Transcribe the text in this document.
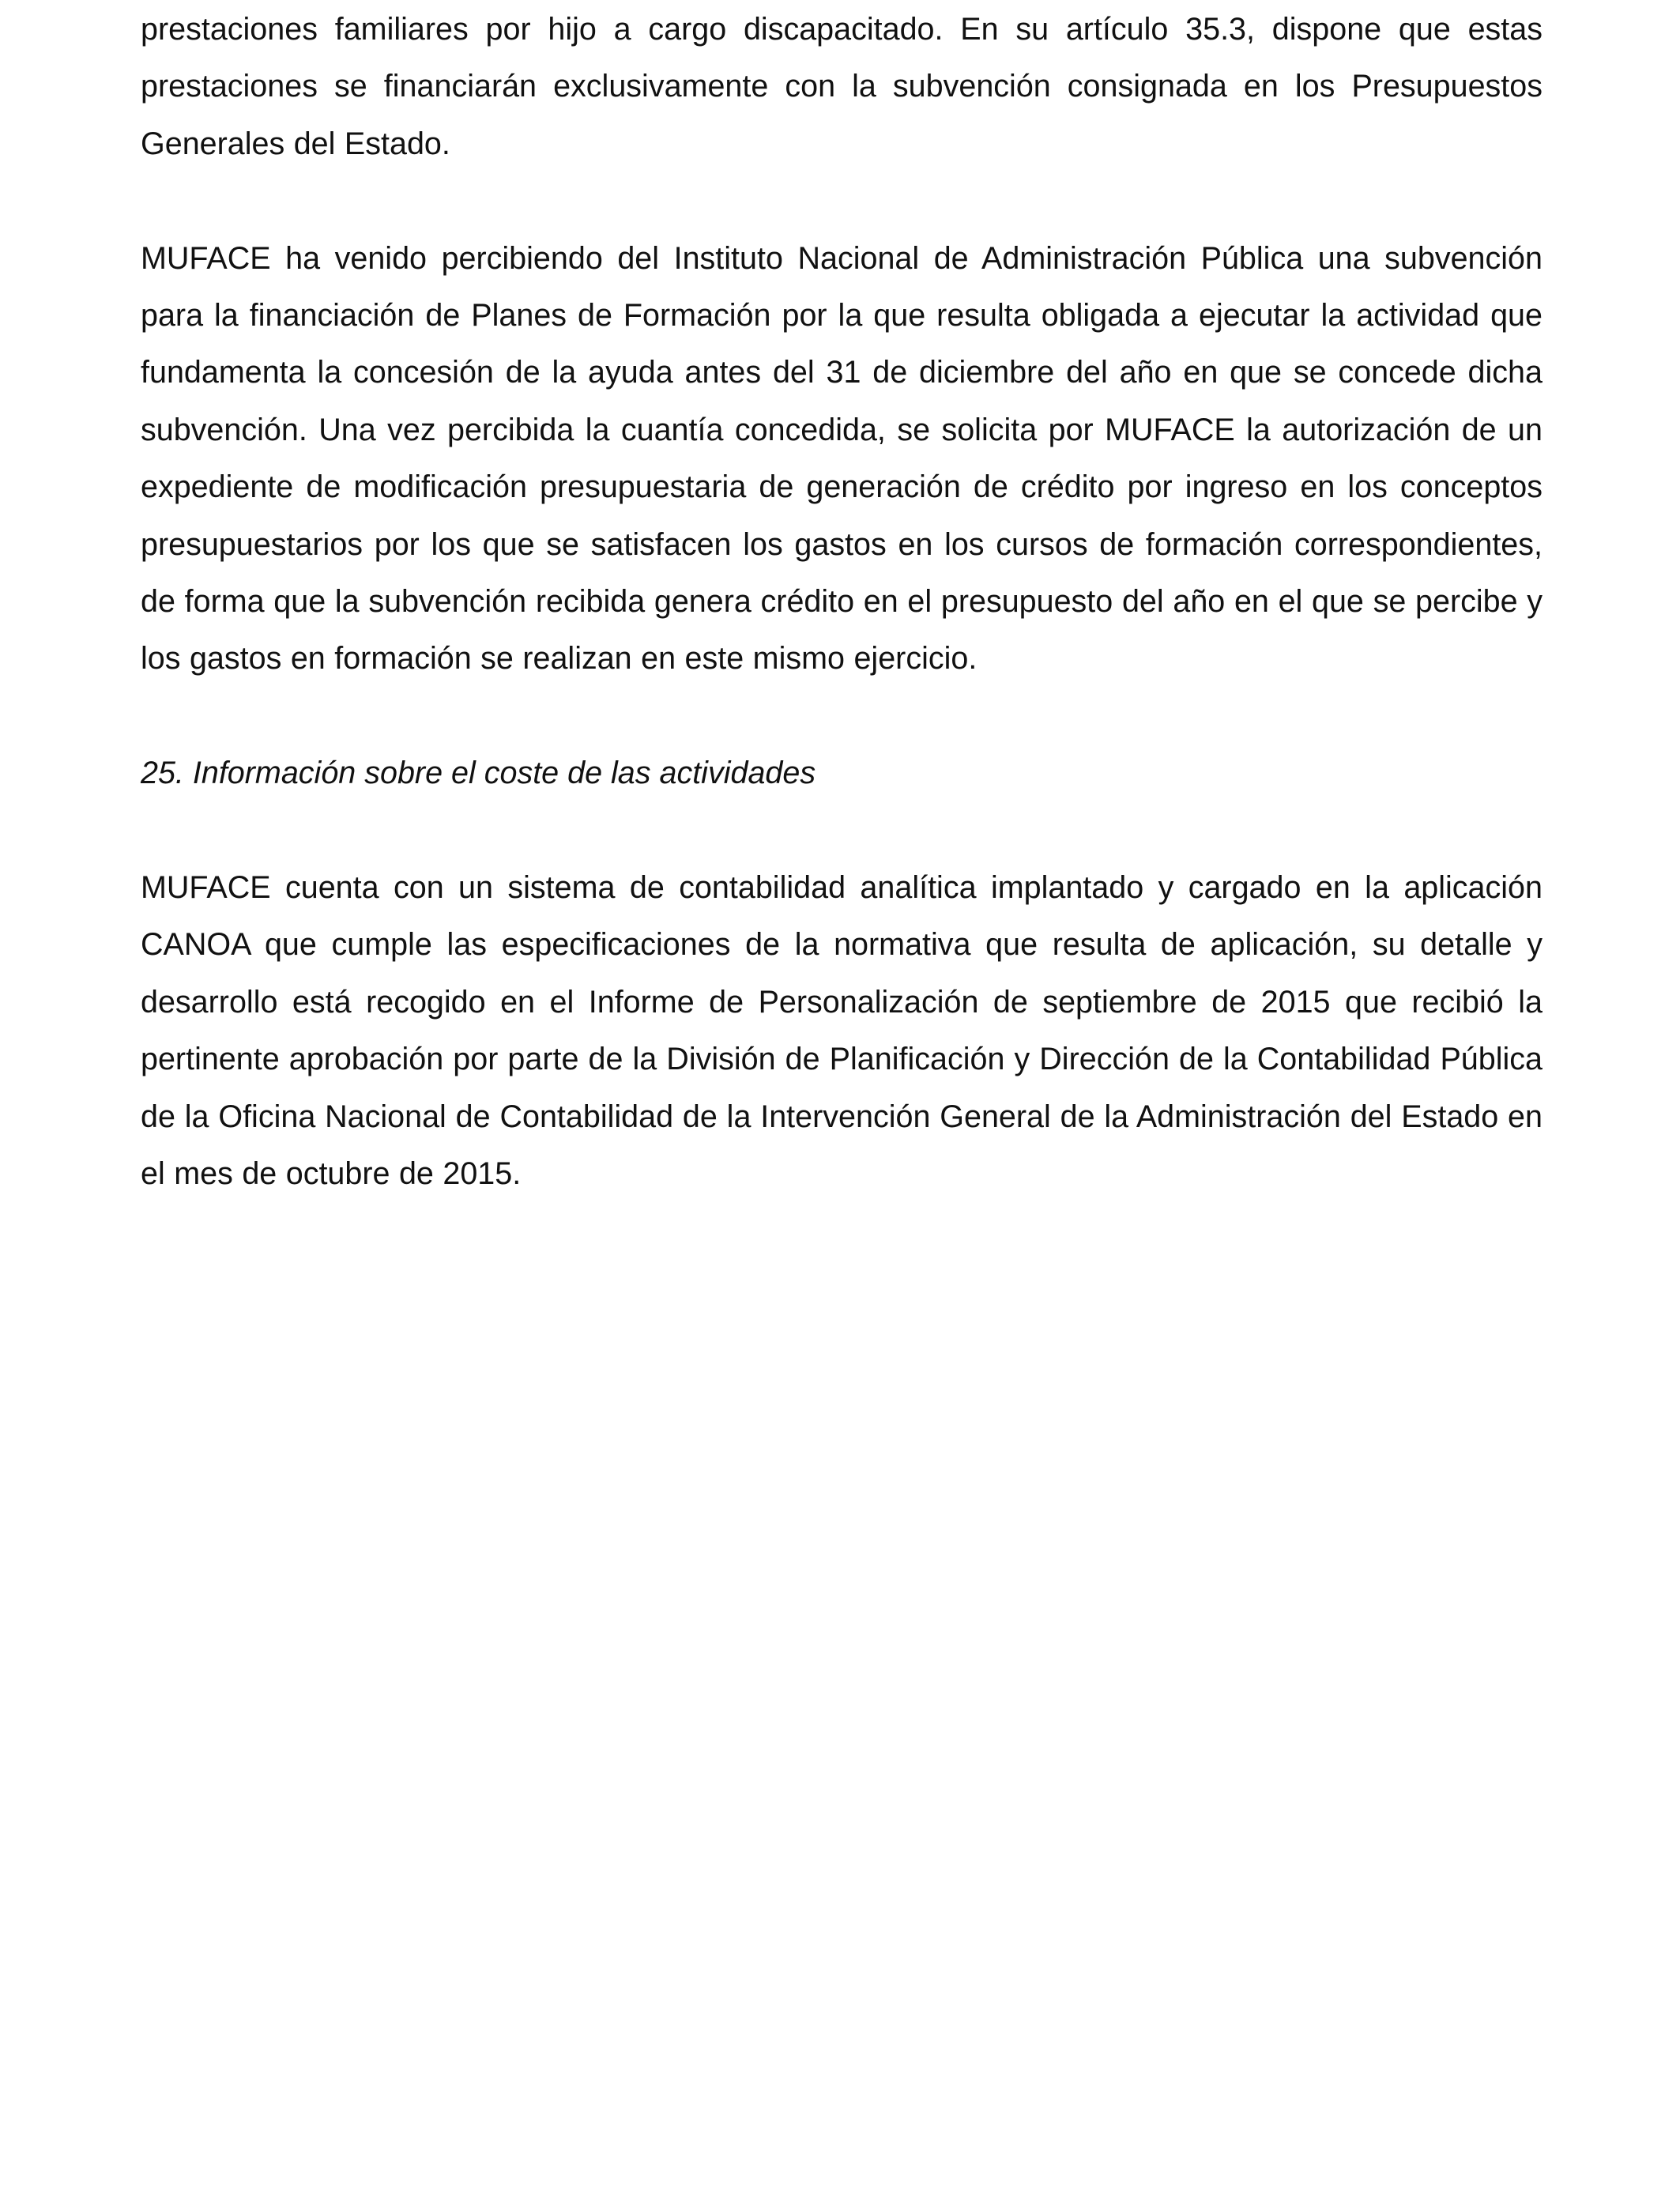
prestaciones familiares por hijo a cargo discapacitado. En su artículo 35.3, dispone que estas prestaciones se financiarán exclusivamente con la subvención consignada en los Presupuestos Generales del Estado.

MUFACE ha venido percibiendo del Instituto Nacional de Administración Pública una subvención para la financiación de Planes de Formación por la que resulta obligada a ejecutar la actividad que fundamenta la concesión de la ayuda antes del 31 de diciembre del año en que se concede dicha subvención. Una vez percibida la cuantía concedida, se solicita por MUFACE la autorización de un expediente de modificación presupuestaria de generación de crédito por ingreso en los conceptos presupuestarios por los que se satisfacen los gastos en los cursos de formación correspondientes, de forma que la subvención recibida genera crédito en el presupuesto del año en el que se percibe y los gastos en formación se realizan en este mismo ejercicio.

25. Información sobre el coste de las actividades

MUFACE cuenta con un sistema de contabilidad analítica implantado y cargado en la aplicación CANOA que cumple las especificaciones de la normativa que resulta de aplicación, su detalle y desarrollo está recogido en el Informe de Personalización de septiembre de 2015 que recibió la pertinente aprobación por parte de la División de Planificación y Dirección de la Contabilidad Pública de la Oficina Nacional de Contabilidad de la Intervención General de la Administración del Estado en el mes de octubre de 2015.
